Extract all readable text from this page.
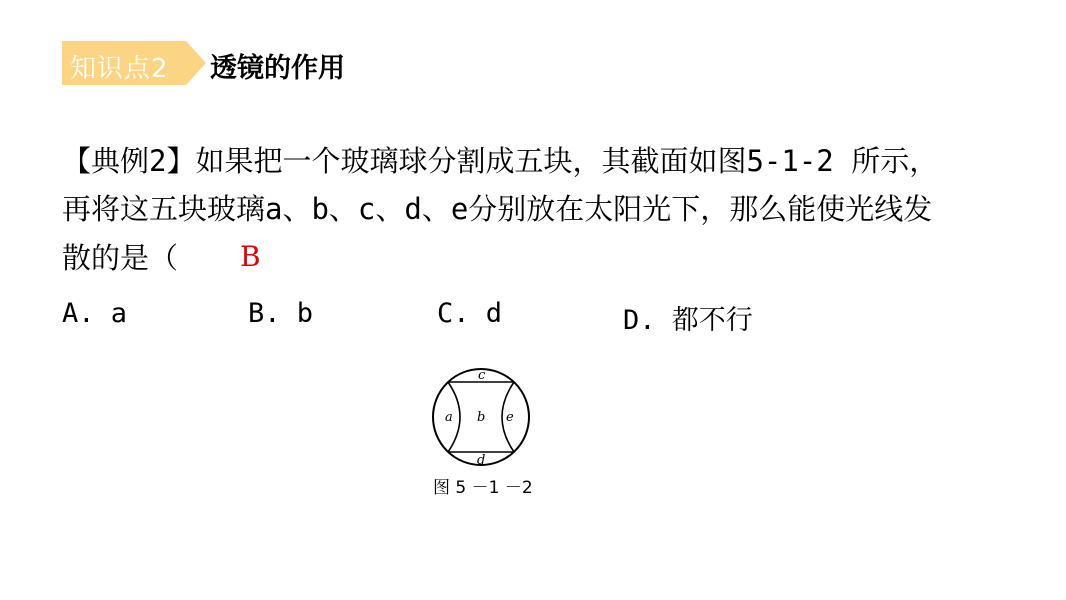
知识点2 透镜的作用
【典例2】如果把一个玻璃球分割成五块，其截面如图5-1-2 所示，
再将这五块玻璃a、b、c、d、e分别放在太阳光下，那么能使光线发
散的是（ B
A. a	B. b	C. d	D. 都不行
c
a b e
d
图 5 －1 －2
